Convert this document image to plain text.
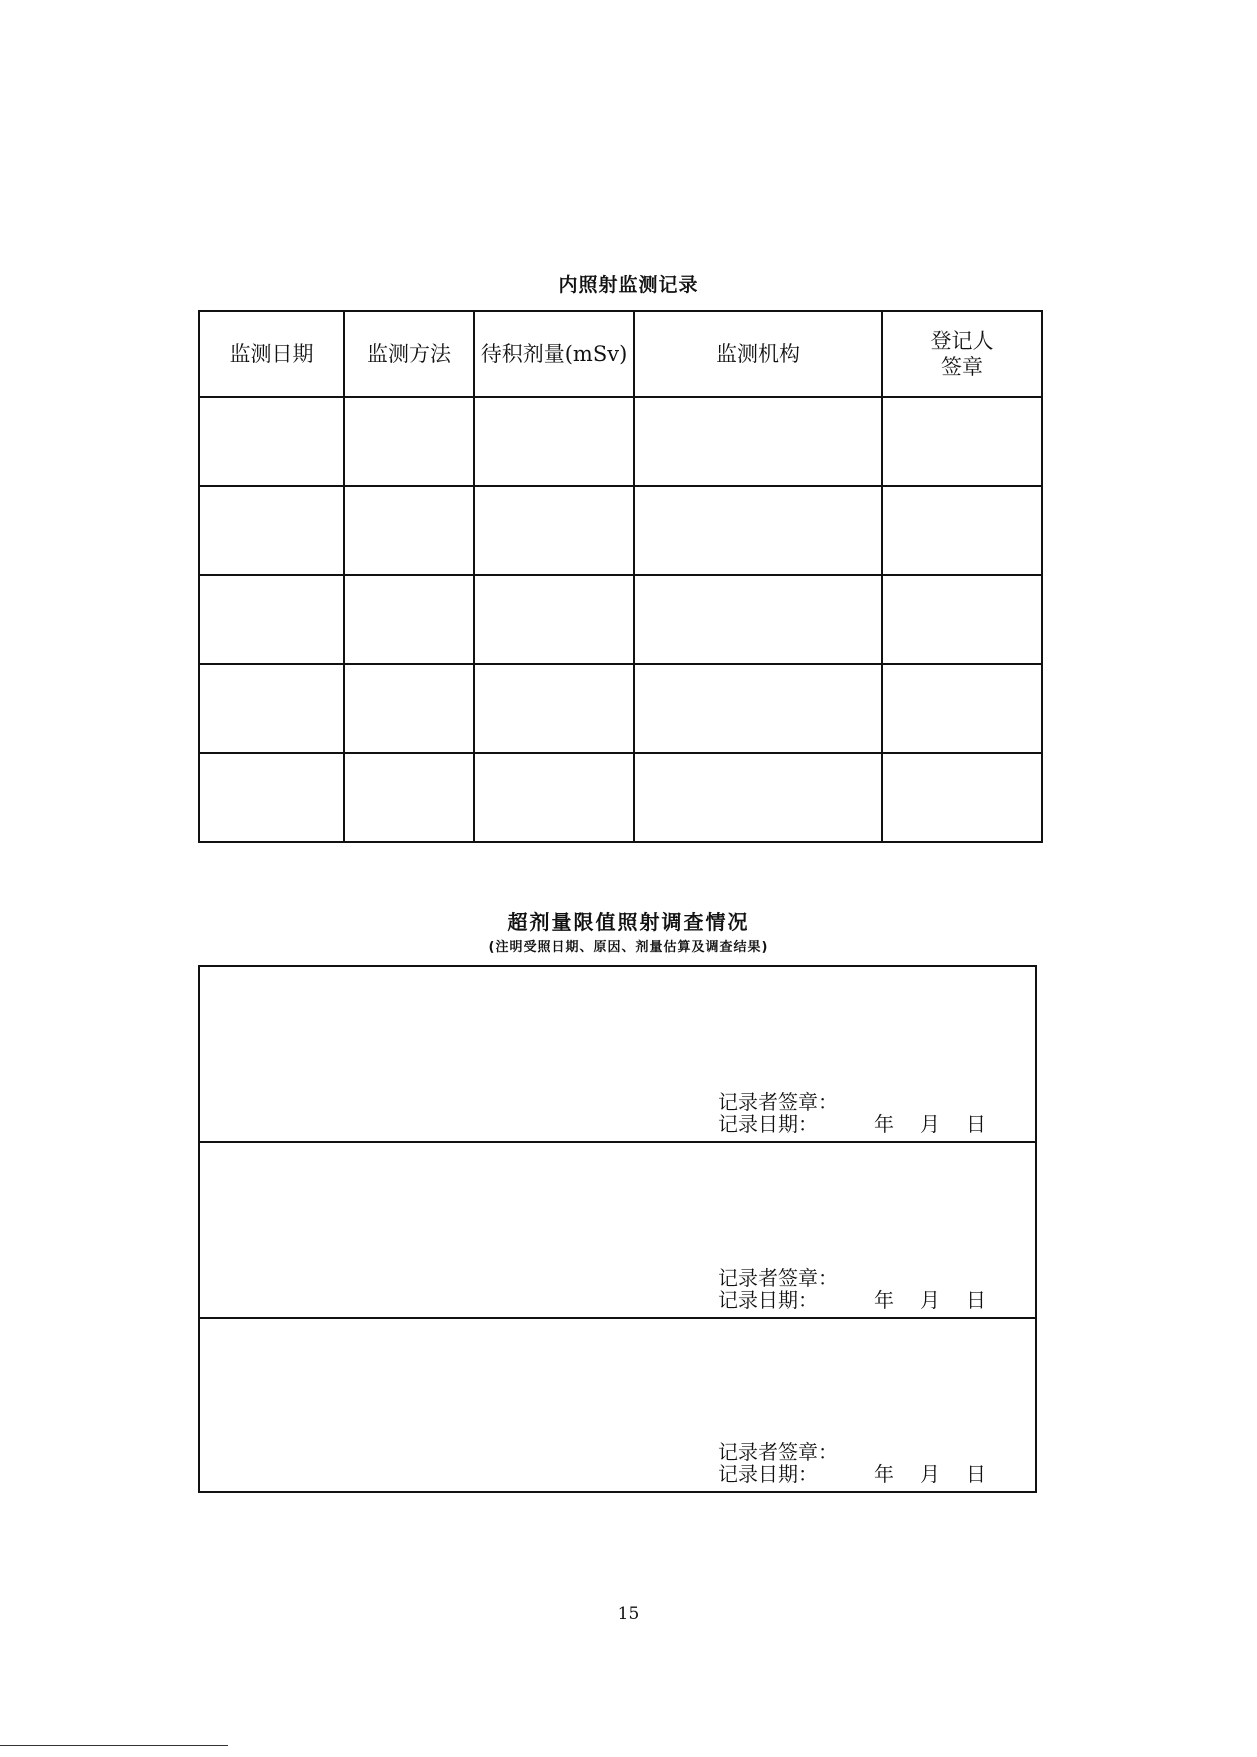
内照射监测记录
监测日期	监测方法	待积剂量(mSv)	监测机构	登记人
签章

超剂量限值照射调查情况
(注明受照日期、原因、剂量估算及调查结果)
记录者签章：
记录日期：	年 月 日
记录者签章：
记录日期：	年 月 日
记录者签章：
记录日期：	年 月 日
15
